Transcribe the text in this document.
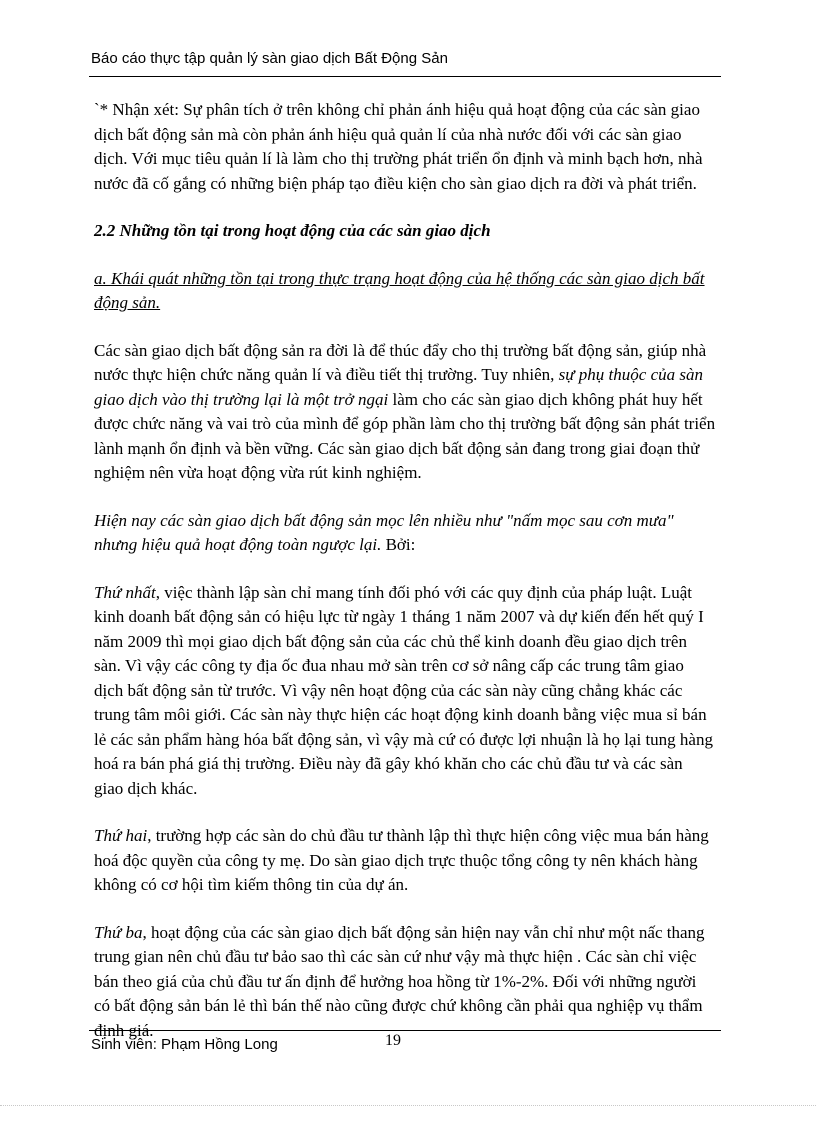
Báo cáo thực tập quản lý sàn giao dịch Bất Động Sản

`* Nhận xét: Sự phân tích ở trên không chỉ phản ánh hiệu quả hoạt động của các sàn giao dịch bất động sản mà còn phản ánh hiệu quả quản lí của nhà nước đối với các sàn giao dịch. Với mục tiêu quản lí là làm cho thị trường phát triển ổn định và minh bạch hơn, nhà nước đã cố gắng có những biện pháp tạo điều kiện cho sàn giao dịch ra đời và phát triển.

2.2 Những tồn tại trong hoạt động của các sàn giao dịch

a. Khái quát những tồn tại trong thực trạng hoạt động của hệ thống các sàn giao dịch bất động sản.

Các sàn giao dịch bất động sản ra đời là để thúc đẩy cho thị trường bất động sản, giúp nhà nước thực hiện chức năng quản lí và điều tiết thị trường. Tuy nhiên, sự phụ thuộc của sàn giao dịch vào thị trường lại là một trở ngại làm cho các sàn giao dịch không phát huy hết được chức năng và vai trò của mình để góp phần làm cho thị trường bất động sản phát triển lành mạnh ổn định và bền vững. Các sàn giao dịch bất động sản đang trong giai đoạn thử nghiệm nên vừa hoạt động vừa rút kinh nghiệm.

Hiện nay các sàn giao dịch bất động sản mọc lên nhiều như "nấm mọc sau cơn mưa" nhưng hiệu quả hoạt động toàn ngược lại. Bởi:

Thứ nhất, việc thành lập sàn chỉ mang tính đối phó với các quy định của pháp luật. Luật kinh doanh bất động sản có hiệu lực từ ngày 1 tháng 1 năm 2007 và dự kiến đến hết quý I năm 2009 thì mọi giao dịch bất động sản của các chủ thể kinh doanh đều giao dịch trên sàn. Vì vậy các công ty địa ốc đua nhau mở sàn trên cơ sở nâng cấp các trung tâm giao dịch bất động sản từ trước. Vì vậy nên hoạt động của các sàn này cũng chẳng khác các trung tâm môi giới. Các sàn này thực hiện các hoạt động kinh doanh bằng việc mua sỉ bán lẻ các sản phẩm hàng hóa bất động sản, vì vậy mà cứ có được lợi nhuận là họ lại tung hàng hoá ra bán phá giá thị trường. Điều này đã gây khó khăn cho các chủ đầu tư và các sàn giao dịch khác.

Thứ hai, trường hợp các sàn do chủ đầu tư thành lập thì thực hiện công việc mua bán hàng hoá độc quyền của công ty mẹ. Do sàn giao dịch trực thuộc tổng công ty nên khách hàng không có cơ hội tìm kiếm thông tin của dự án.

Thứ ba, hoạt động của các sàn giao dịch bất động sản hiện nay vẫn chỉ như một nấc thang trung gian nên chủ đầu tư bảo sao thì các sàn cứ như vậy mà thực hiện . Các sàn chỉ việc bán theo giá của chủ đầu tư ấn định để hưởng hoa hồng từ 1%-2%. Đối với những người có bất động sản bán lẻ thì bán thế nào cũng được chứ không cần phải qua nghiệp vụ thẩm định giá.

Sinh viên: Phạm Hồng Long	19
